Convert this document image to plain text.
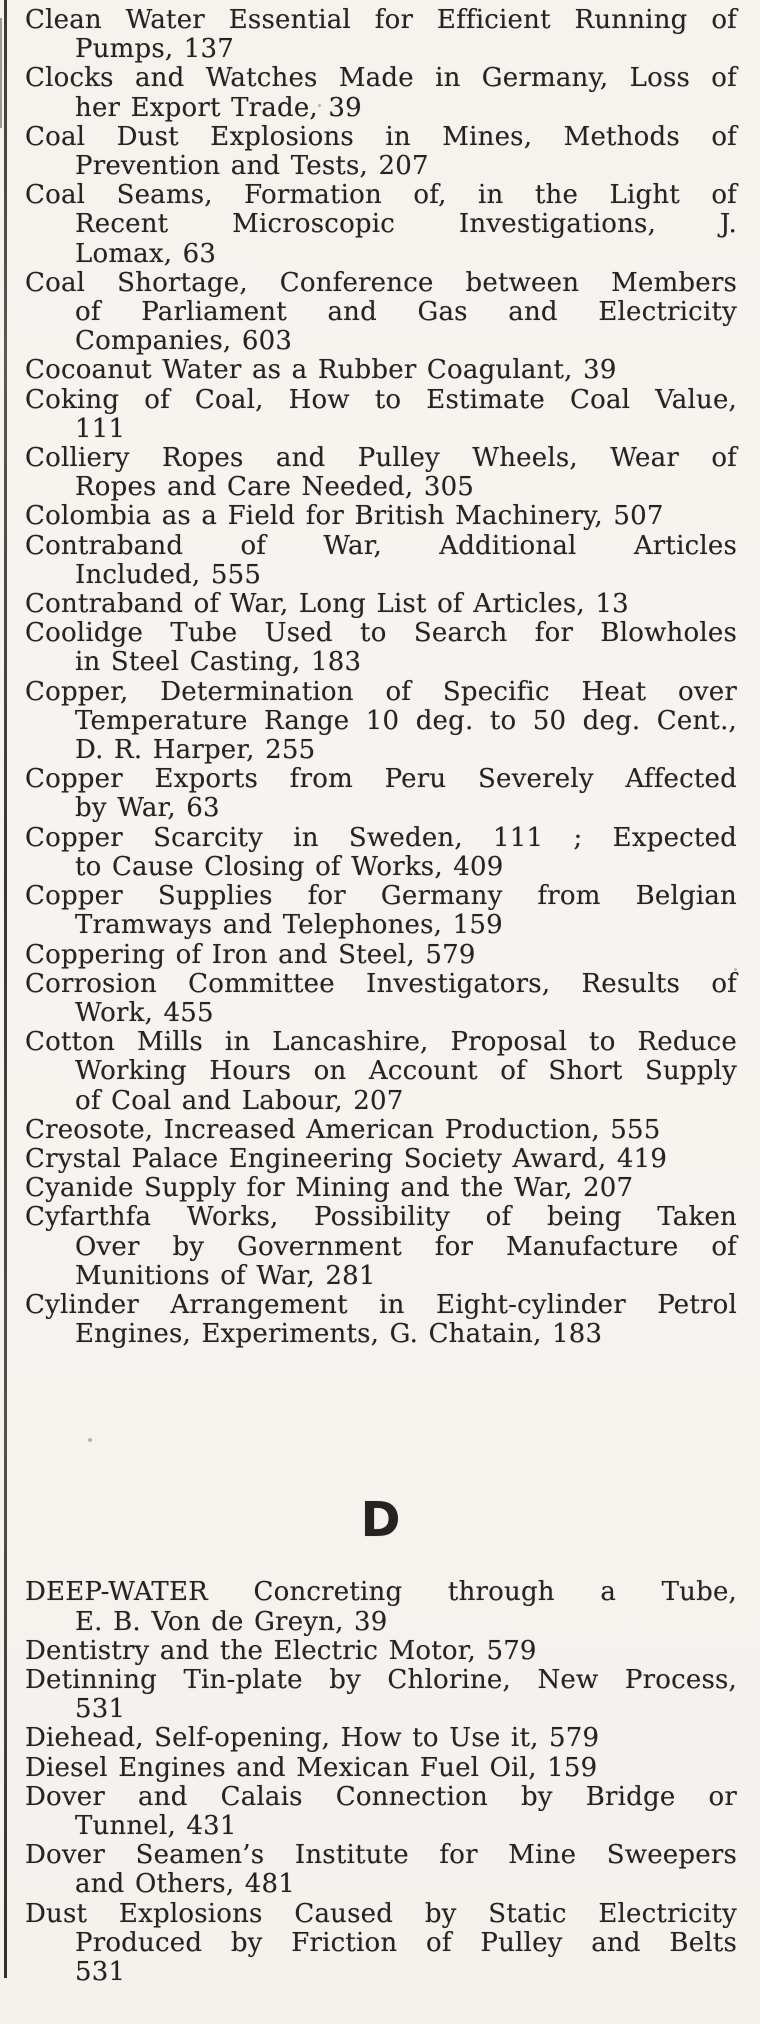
Clean Water Essential for Efficient Running of
Pumps, 137
Clocks and Watches Made in Germany, Loss of
her Export Trade, 39
Coal Dust Explosions in Mines, Methods of
Prevention and Tests, 207
Coal Seams, Formation of, in the Light of
Recent Microscopic Investigations, J.
Lomax, 63
Coal Shortage, Conference between Members
of Parliament and Gas and Electricity
Companies, 603
Cocoanut Water as a Rubber Coagulant, 39
Coking of Coal, How to Estimate Coal Value,
111
Colliery Ropes and Pulley Wheels, Wear of
Ropes and Care Needed, 305
Colombia as a Field for British Machinery, 507
Contraband of War, Additional Articles
Included, 555
Contraband of War, Long List of Articles, 13
Coolidge Tube Used to Search for Blowholes
in Steel Casting, 183
Copper, Determination of Specific Heat over
Temperature Range 10 deg. to 50 deg. Cent.,
D. R. Harper, 255
Copper Exports from Peru Severely Affected
by War, 63
Copper Scarcity in Sweden, 111 ; Expected
to Cause Closing of Works, 409
Copper Supplies for Germany from Belgian
Tramways and Telephones, 159
Coppering of Iron and Steel, 579
Corrosion Committee Investigators, Results of
Work, 455
Cotton Mills in Lancashire, Proposal to Reduce
Working Hours on Account of Short Supply
of Coal and Labour, 207
Creosote, Increased American Production, 555
Crystal Palace Engineering Society Award, 419
Cyanide Supply for Mining and the War, 207
Cyfarthfa Works, Possibility of being Taken
Over by Government for Manufacture of
Munitions of War, 281
Cylinder Arrangement in Eight-cylinder Petrol
Engines, Experiments, G. Chatain, 183
D
DEEP-WATER Concreting through a Tube,
E. B. Von de Greyn, 39
Dentistry and the Electric Motor, 579
Detinning Tin-plate by Chlorine, New Process,
531
Diehead, Self-opening, How to Use it, 579
Diesel Engines and Mexican Fuel Oil, 159
Dover and Calais Connection by Bridge or
Tunnel, 431
Dover Seamen’s Institute for Mine Sweepers
and Others, 481
Dust Explosions Caused by Static Electricity
Produced by Friction of Pulley and Belts
531
